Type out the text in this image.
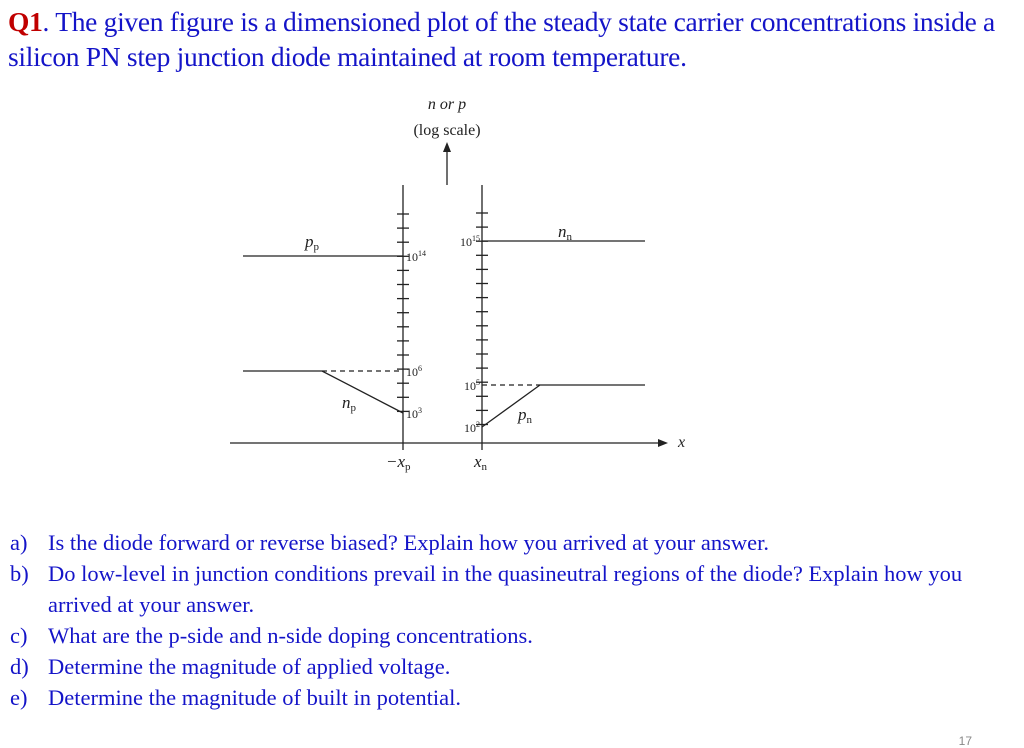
Q1. The given figure is a dimensioned plot of the steady state carrier concentrations inside a silicon PN step junction diode maintained at room temperature.
n or p
(log scale)
x
$10^{14}$
$10^6$
$10^3$
$10^{15}$
$10^5$
$10^2$
pp
nn
np	pn
−xp	xn
a) Is the diode forward or reverse biased? Explain how you arrived at your answer.
b) Do low-level in junction conditions prevail in the quasineutral regions of the diode? Explain how you arrived at your answer.
c) What are the p-side and n-side doping concentrations.
d) Determine the magnitude of applied voltage.
e) Determine the magnitude of built in potential.
17
